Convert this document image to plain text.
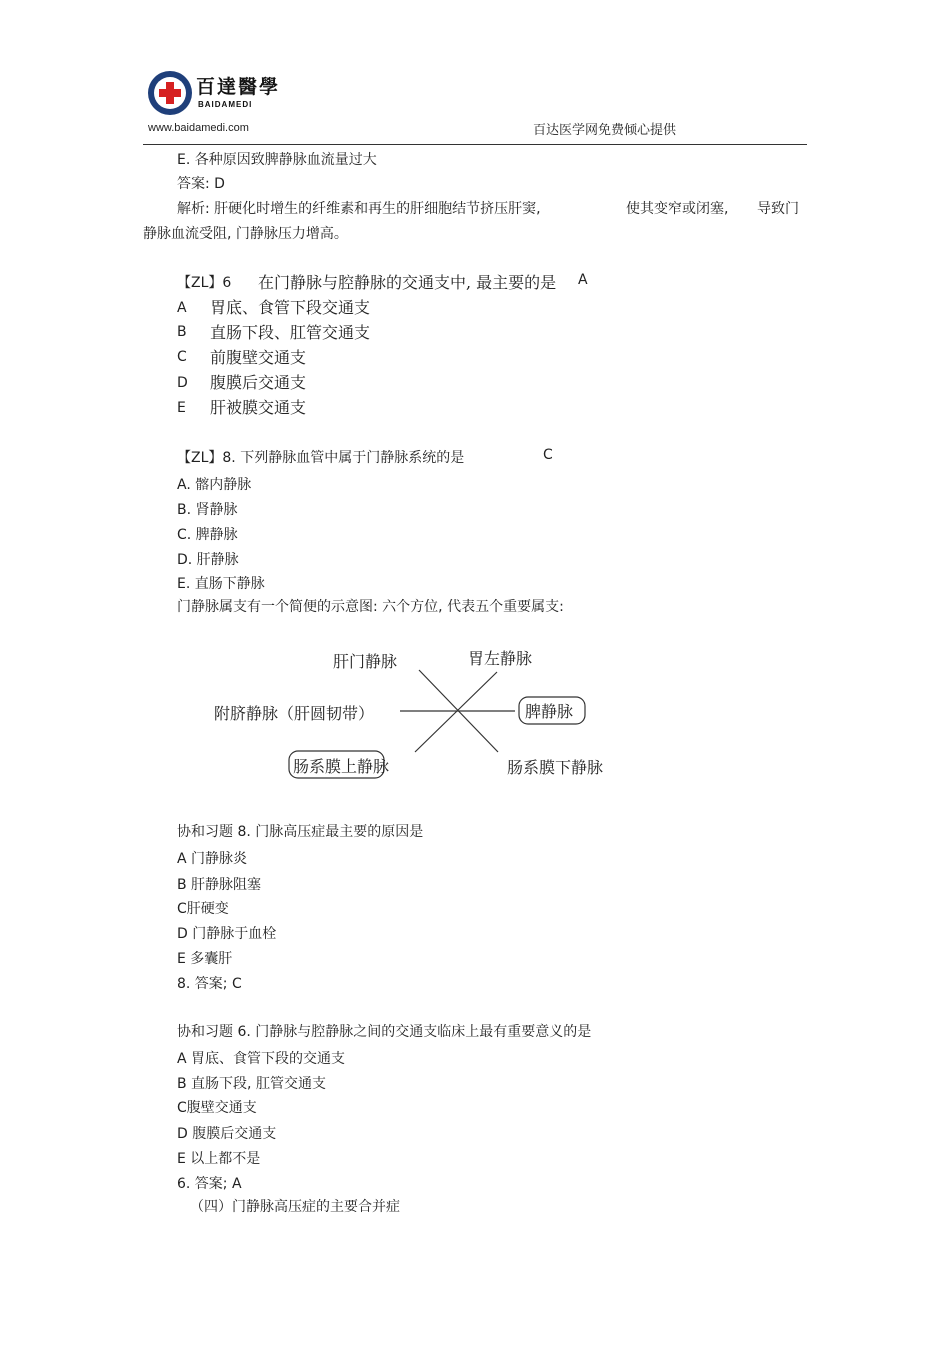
百達醫學
BAIDAMEDI
www.baidamedi.com	百达医学网免费倾心提供
E. 各种原因致脾静脉血流量过大
答案: D
解析: 肝硬化时增生的纤维素和再生的肝细胞结节挤压肝窦,	使其变窄或闭塞, 导致门
静脉血流受阻, 门静脉压力增高。
【ZL】6 在门静脉与腔静脉的交通支中, 最主要的是 A
A 胃底、食管下段交通支
B 直肠下段、肛管交通支
C 前腹壁交通支
D 腹膜后交通支
E 肝被膜交通支
【ZL】8. 下列静脉血管中属于门静脉系统的是	C
A. 髂内静脉
B. 肾静脉
C. 脾静脉
D. 肝静脉
E. 直肠下静脉
门静脉属支有一个简便的示意图: 六个方位, 代表五个重要属支:
肝门静脉	胃左静脉
附脐静脉（肝圆韧带）	脾静脉
肠系膜上静脉	肠系膜下静脉
协和习题 8. 门脉高压症最主要的原因是
A 门静脉炎
B 肝静脉阻塞
C肝硬变
D 门静脉于血栓
E 多囊肝
8. 答案; C
协和习题 6. 门静脉与腔静脉之间的交通支临床上最有重要意义的是
A 胃底、食管下段的交通支
B 直肠下段, 肛管交通支
C腹壁交通支
D 腹膜后交通支
E 以上都不是
6. 答案; A
（四）门静脉高压症的主要合并症
